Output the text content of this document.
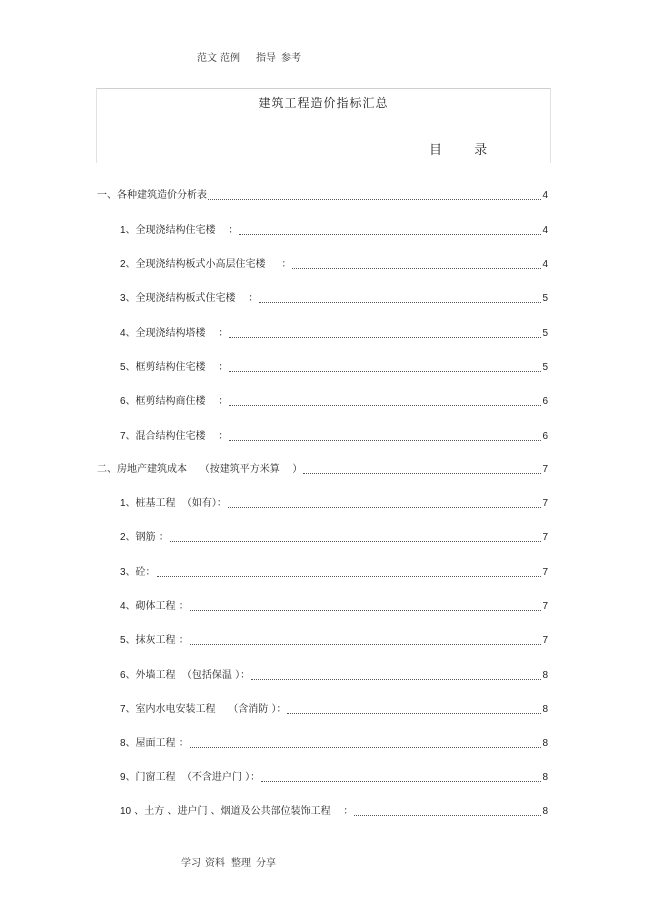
范文 范例 指导 参考
建筑工程造价指标汇总
目 录
一、各种建筑造价分析表	4
1 、全现浇结构住宅楼    ：	4
2 、全现浇结构板式小高层住宅楼     ：	4
3 、全现浇结构板式住宅楼    ：	5
4 、全现浇结构塔楼    ：	5
5 、框剪结构住宅楼    ：	5
6 、框剪结构商住楼    ：	6
7 、混合结构住宅楼    ：	6
二、房地产建筑成本    （按建筑平方米算    ）	7
1 、桩基工程  （如有）：	7
2 、钢筋 ：	7
3 、砼：	7
4 、砌体工程 ：	7
5 、抹灰工程 ：	7
6 、外墙工程  （包括保温 ）：	8
7 、室内水电安装工程    （含消防 ）：	8
8 、屋面工程 ：	8
9 、门窗工程  （不含进户门 ）：	8
10 、土方 、进户门 、烟道及公共部位装饰工程    ：	8
学习 资料 整理 分享
